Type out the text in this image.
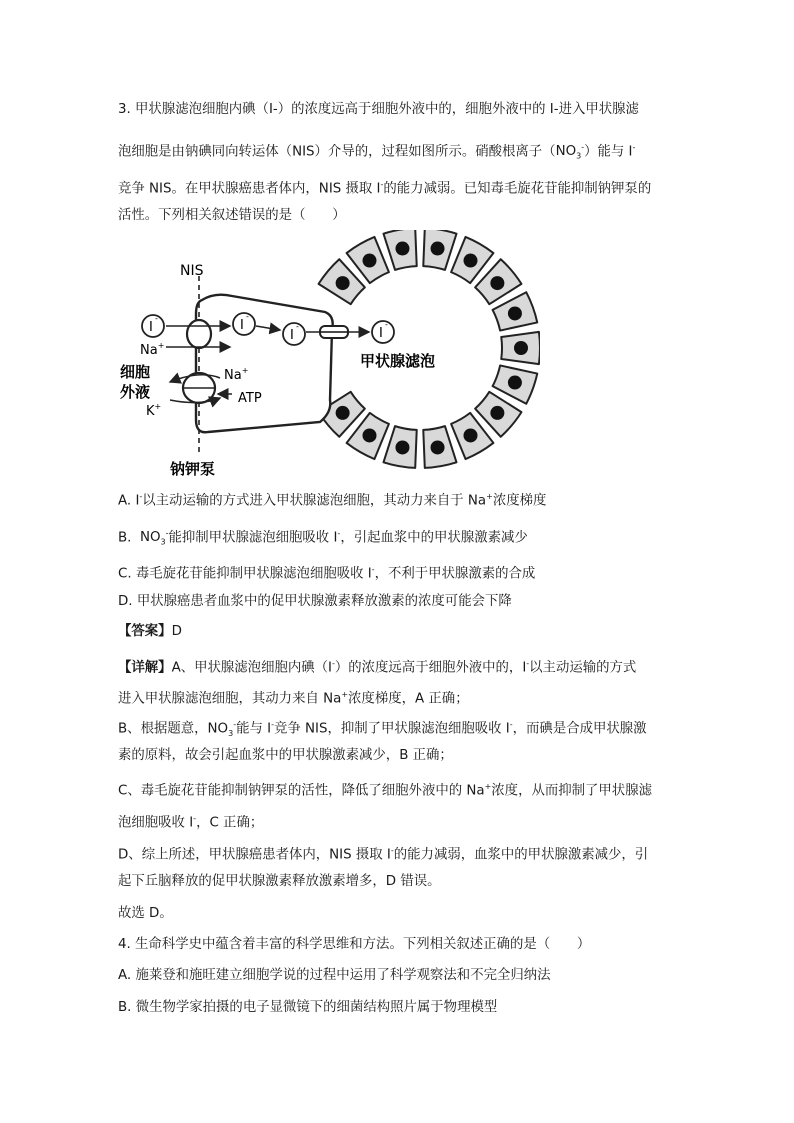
3. 甲状腺滤泡细胞内碘（I-）的浓度远高于细胞外液中的，细胞外液中的 I-进入甲状腺滤
泡细胞是由钠碘同向转运体（NIS）介导的，过程如图所示。硝酸根离子$(NO_3^-)$能与 I-
竞争 NIS。在甲状腺癌患者体内，NIS 摄取 I-的能力减弱。已知毒毛旋花苷能抑制钠钾泵的
活性。下列相关叙述错误的是（　　）
I
-	I
-
I
-	I
-
NIS
Na+
Na+
ATP
K+
细胞
外液
甲状腺滤泡
钠钾泵
A. I-以主动运输的方式进入甲状腺滤泡细胞，其动力来自于 Na+浓度梯度
B. $NO_3^-$能抑制甲状腺滤泡细胞吸收 I-，引起血浆中的甲状腺激素减少
C. 毒毛旋花苷能抑制甲状腺滤泡细胞吸收 I-，不利于甲状腺激素的合成
D. 甲状腺癌患者血浆中的促甲状腺激素释放激素的浓度可能会下降
【答案】D
【详解】A、甲状腺滤泡细胞内碘（I-）的浓度远高于细胞外液中的，I-以主动运输的方式
进入甲状腺滤泡细胞，其动力来自 Na+浓度梯度，A 正确；
B、根据题意，$NO_3^-$能与 I-竞争 NIS，抑制了甲状腺滤泡细胞吸收 I-，而碘是合成甲状腺激
素的原料，故会引起血浆中的甲状腺激素减少，B 正确；
C、毒毛旋花苷能抑制钠钾泵的活性，降低了细胞外液中的 Na+浓度，从而抑制了甲状腺滤
泡细胞吸收 I-，C 正确；
D、综上所述，甲状腺癌患者体内，NIS 摄取 I-的能力减弱，血浆中的甲状腺激素减少，引
起下丘脑释放的促甲状腺激素释放激素增多，D 错误。
故选 D。
4. 生命科学史中蕴含着丰富的科学思维和方法。下列相关叙述正确的是（　　）
A. 施莱登和施旺建立细胞学说的过程中运用了科学观察法和不完全归纳法
B. 微生物学家拍摄的电子显微镜下的细菌结构照片属于物理模型
